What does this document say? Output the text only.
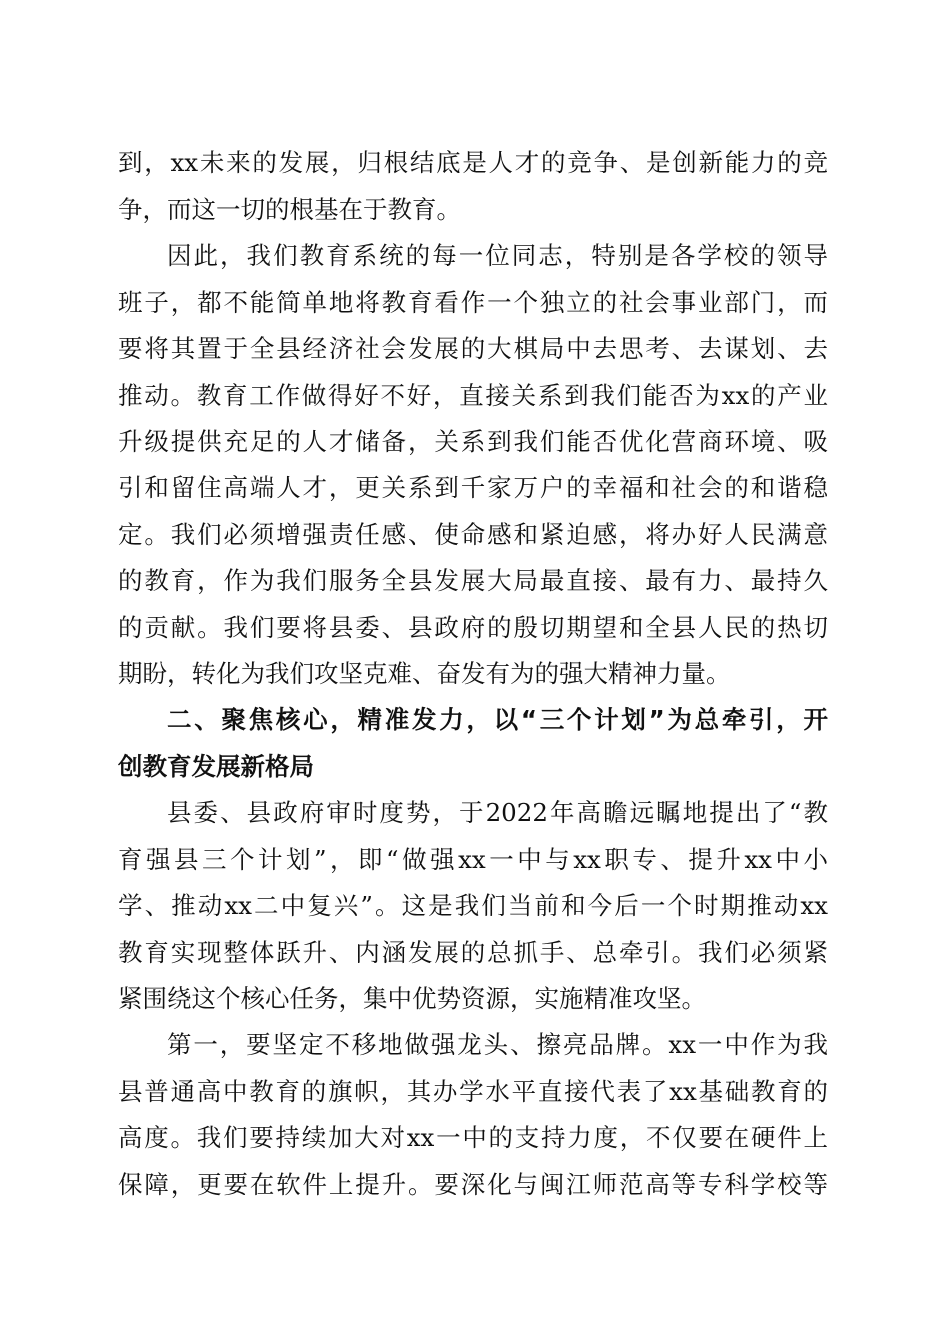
到，xx未来的发展，归根结底是人才的竞争、是创新能力的竞
争，而这一切的根基在于教育。
因此，我们教育系统的每一位同志，特别是各学校的领导
班子，都不能简单地将教育看作一个独立的社会事业部门，而
要将其置于全县经济社会发展的大棋局中去思考、去谋划、去
推动。教育工作做得好不好，直接关系到我们能否为xx的产业
升级提供充足的人才储备，关系到我们能否优化营商环境、吸
引和留住高端人才，更关系到千家万户的幸福和社会的和谐稳
定。我们必须增强责任感、使命感和紧迫感，将办好人民满意
的教育，作为我们服务全县发展大局最直接、最有力、最持久
的贡献。我们要将县委、县政府的殷切期望和全县人民的热切
期盼，转化为我们攻坚克难、奋发有为的强大精神力量。
二、聚焦核心，精准发力，以“三个计划”为总牵引，开
创教育发展新格局
县委、县政府审时度势，于2022年高瞻远瞩地提出了“教
育强县三个计划”，即“做强xx一中与xx职专、提升xx中小
学、推动xx二中复兴”。这是我们当前和今后一个时期推动xx
教育实现整体跃升、内涵发展的总抓手、总牵引。我们必须紧
紧围绕这个核心任务，集中优势资源，实施精准攻坚。
第一，要坚定不移地做强龙头、擦亮品牌。xx一中作为我
县普通高中教育的旗帜，其办学水平直接代表了xx基础教育的
高度。我们要持续加大对xx一中的支持力度，不仅要在硬件上
保障，更要在软件上提升。要深化与闽江师范高等专科学校等
